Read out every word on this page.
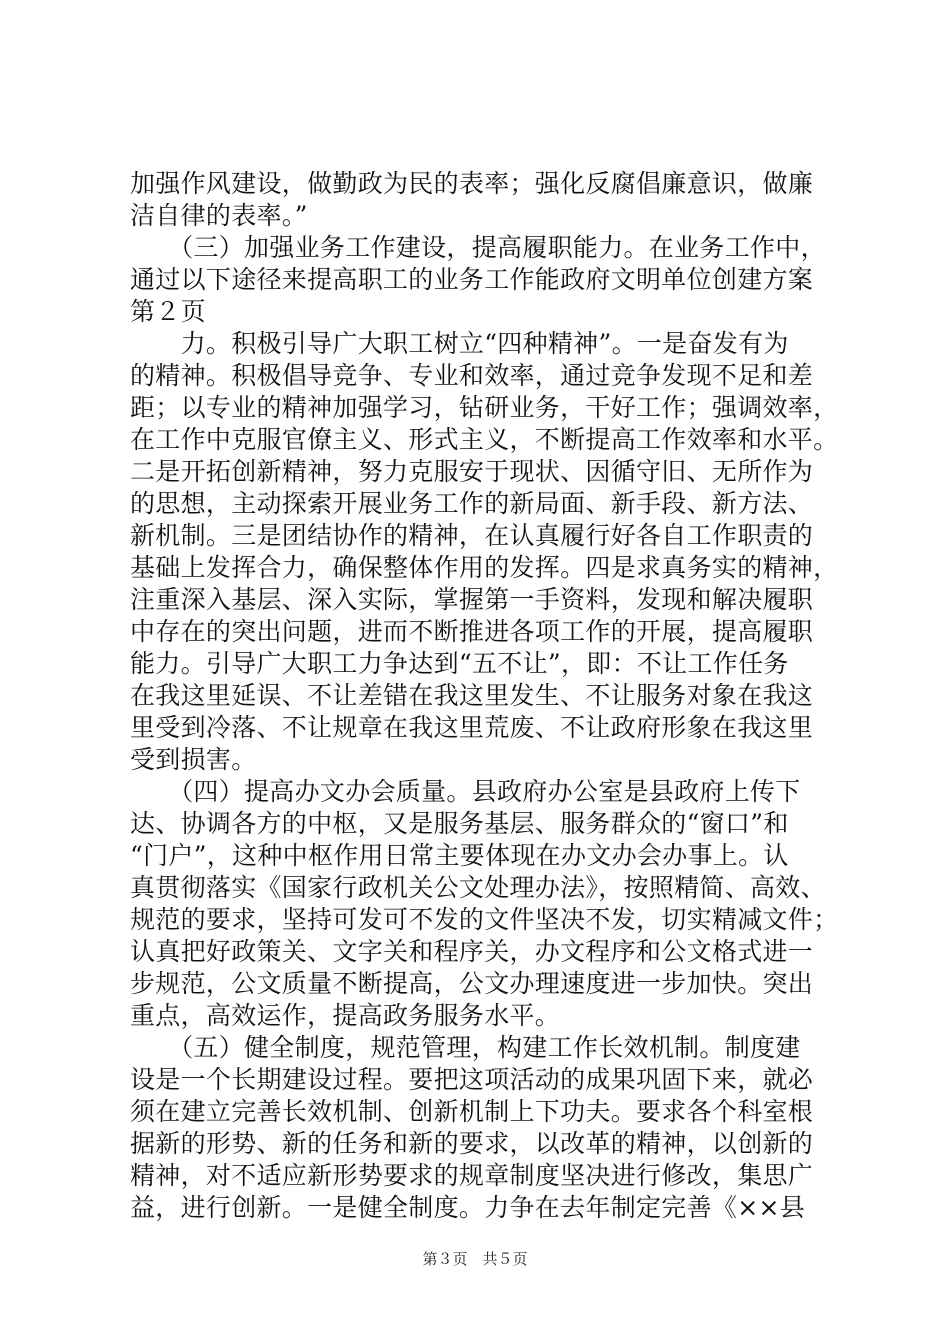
加强作风建设，做勤政为民的表率；强化反腐倡廉意识，做廉
洁自律的表率。”
　　（三）加强业务工作建设，提高履职能力。在业务工作中，
通过以下途径来提高职工的业务工作能政府文明单位创建方案
第２页
　　力。积极引导广大职工树立“四种精神”。一是奋发有为
的精神。积极倡导竞争、专业和效率，通过竞争发现不足和差
距；以专业的精神加强学习，钻研业务，干好工作；强调效率，
在工作中克服官僚主义、形式主义，不断提高工作效率和水平。
二是开拓创新精神，努力克服安于现状、因循守旧、无所作为
的思想，主动探索开展业务工作的新局面、新手段、新方法、
新机制。三是团结协作的精神，在认真履行好各自工作职责的
基础上发挥合力，确保整体作用的发挥。四是求真务实的精神，
注重深入基层、深入实际，掌握第一手资料，发现和解决履职
中存在的突出问题，进而不断推进各项工作的开展，提高履职
能力。引导广大职工力争达到“五不让”，即：不让工作任务
在我这里延误、不让差错在我这里发生、不让服务对象在我这
里受到冷落、不让规章在我这里荒废、不让政府形象在我这里
受到损害。
　　（四）提高办文办会质量。县政府办公室是县政府上传下
达、协调各方的中枢，又是服务基层、服务群众的“窗口”和
“门户”，这种中枢作用日常主要体现在办文办会办事上。认
真贯彻落实《国家行政机关公文处理办法》，按照精简、高效、
规范的要求，坚持可发可不发的文件坚决不发，切实精减文件；
认真把好政策关、文字关和程序关，办文程序和公文格式进一
步规范，公文质量不断提高，公文办理速度进一步加快。突出
重点，高效运作，提高政务服务水平。
　　（五）健全制度，规范管理，构建工作长效机制。制度建
设是一个长期建设过程。要把这项活动的成果巩固下来，就必
须在建立完善长效机制、创新机制上下功夫。要求各个科室根
据新的形势、新的任务和新的要求，以改革的精神，以创新的
精神，对不适应新形势要求的规章制度坚决进行修改，集思广
益，进行创新。一是健全制度。力争在去年制定完善《××县
第３页　共５页
